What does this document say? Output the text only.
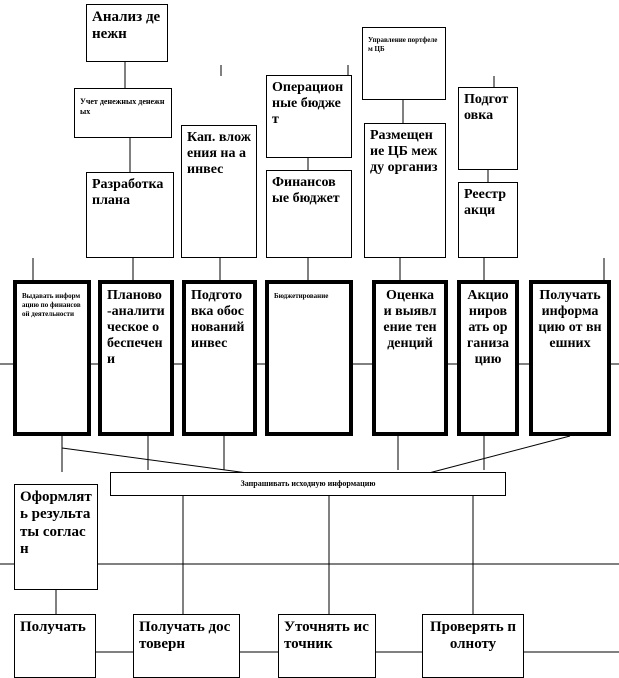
Анализ денежн
Учет денежных денежных
Разработка плана
Кап. вложения на а инвес
Операционные бюджет
Финансовые бюджет
Управление портфелем ЦБ
Размещение ЦБ между организ
Подготовка
Реестр акци
Выдавать информацию по финансовой деятельности
Планово-аналитическое обеспечени
Подготовка обоснований инвес
Бюджетирование	Оценка и выявление тенденций
Акционировать организацию
Получать информацию от внешних
Запрашивать исходную информацию
Оформлять результаты согласн
Получать	Получать достоверн
Уточнять источник
Проверять полноту
